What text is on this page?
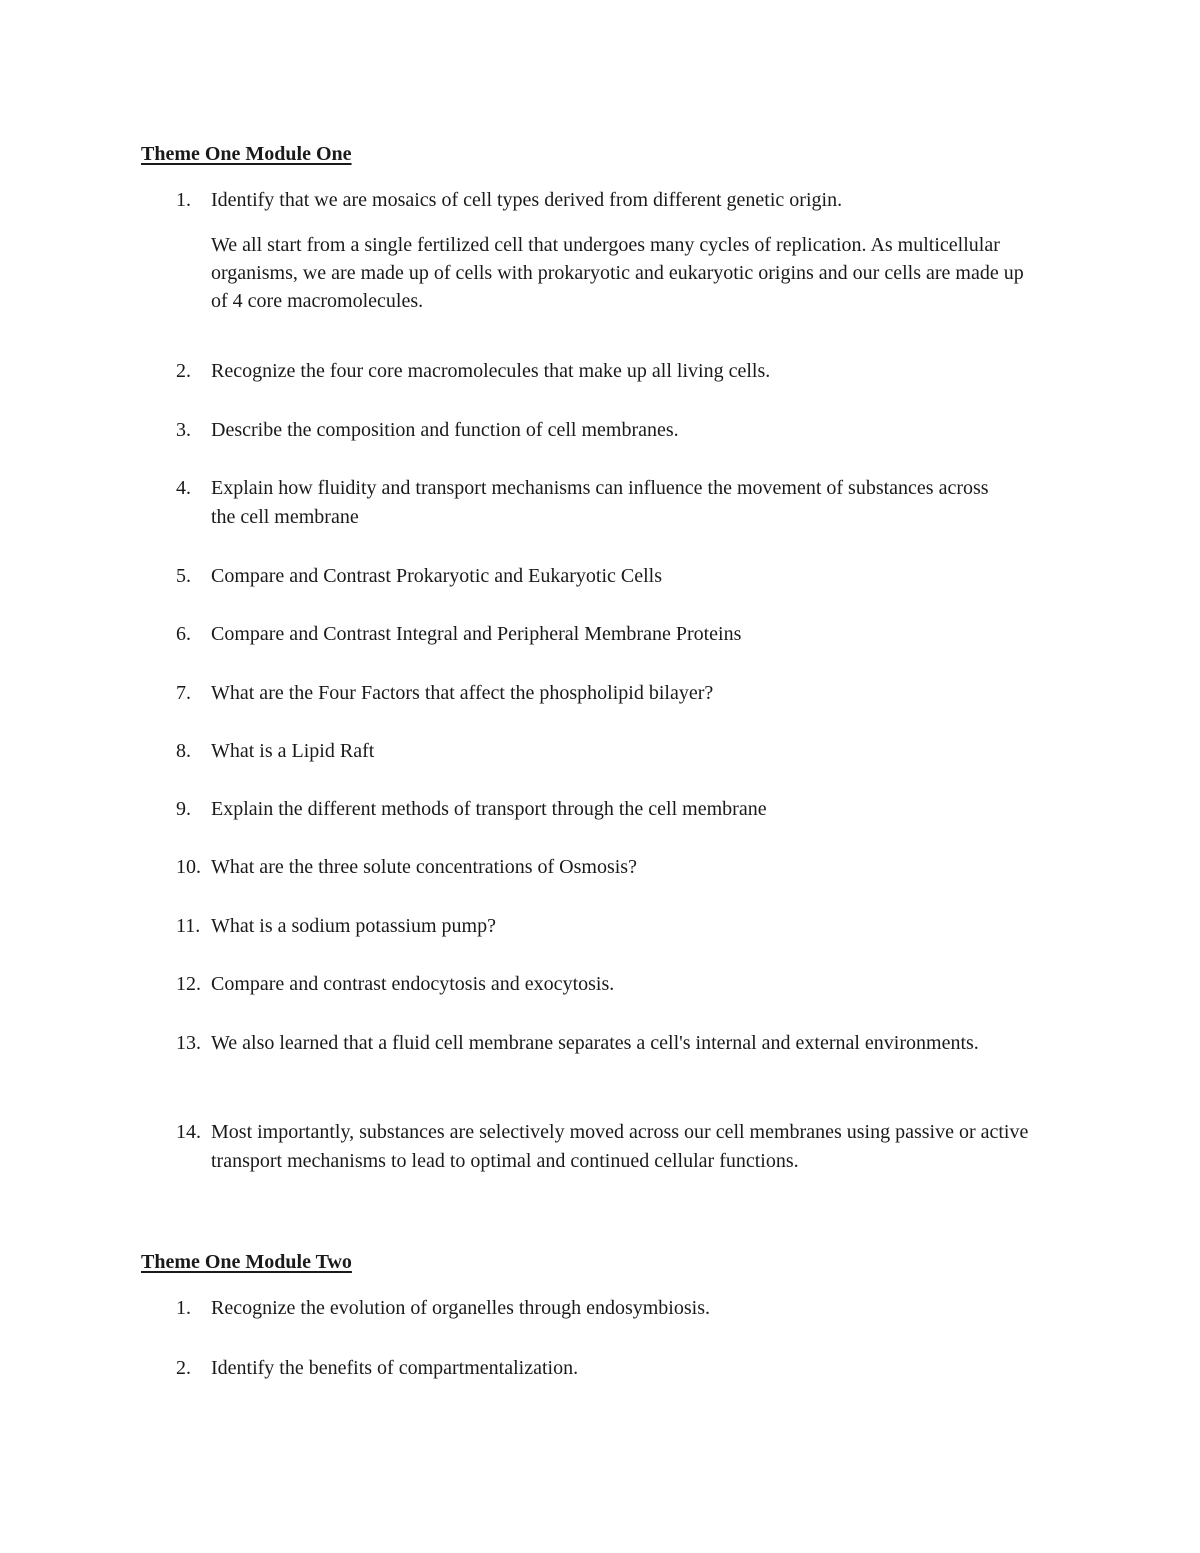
Theme One Module One
1. Identify that we are mosaics of cell types derived from different genetic origin.
We all start from a single fertilized cell that undergoes many cycles of replication. As multicellular organisms, we are made up of cells with prokaryotic and eukaryotic origins and our cells are made up of 4 core macromolecules.
2. Recognize the four core macromolecules that make up all living cells.
3. Describe the composition and function of cell membranes.
4. Explain how fluidity and transport mechanisms can influence the movement of substances across the cell membrane
5. Compare and Contrast Prokaryotic and Eukaryotic Cells
6. Compare and Contrast Integral and Peripheral Membrane Proteins
7. What are the Four Factors that affect the phospholipid bilayer?
8. What is a Lipid Raft
9. Explain the different methods of transport through the cell membrane
10. What are the three solute concentrations of Osmosis?
11. What is a sodium potassium pump?
12. Compare and contrast endocytosis and exocytosis.
13. We also learned that a fluid cell membrane separates a cell's internal and external environments.
14. Most importantly, substances are selectively moved across our cell membranes using passive or active transport mechanisms to lead to optimal and continued cellular functions.
Theme One Module Two
1. Recognize the evolution of organelles through endosymbiosis.
2. Identify the benefits of compartmentalization.
